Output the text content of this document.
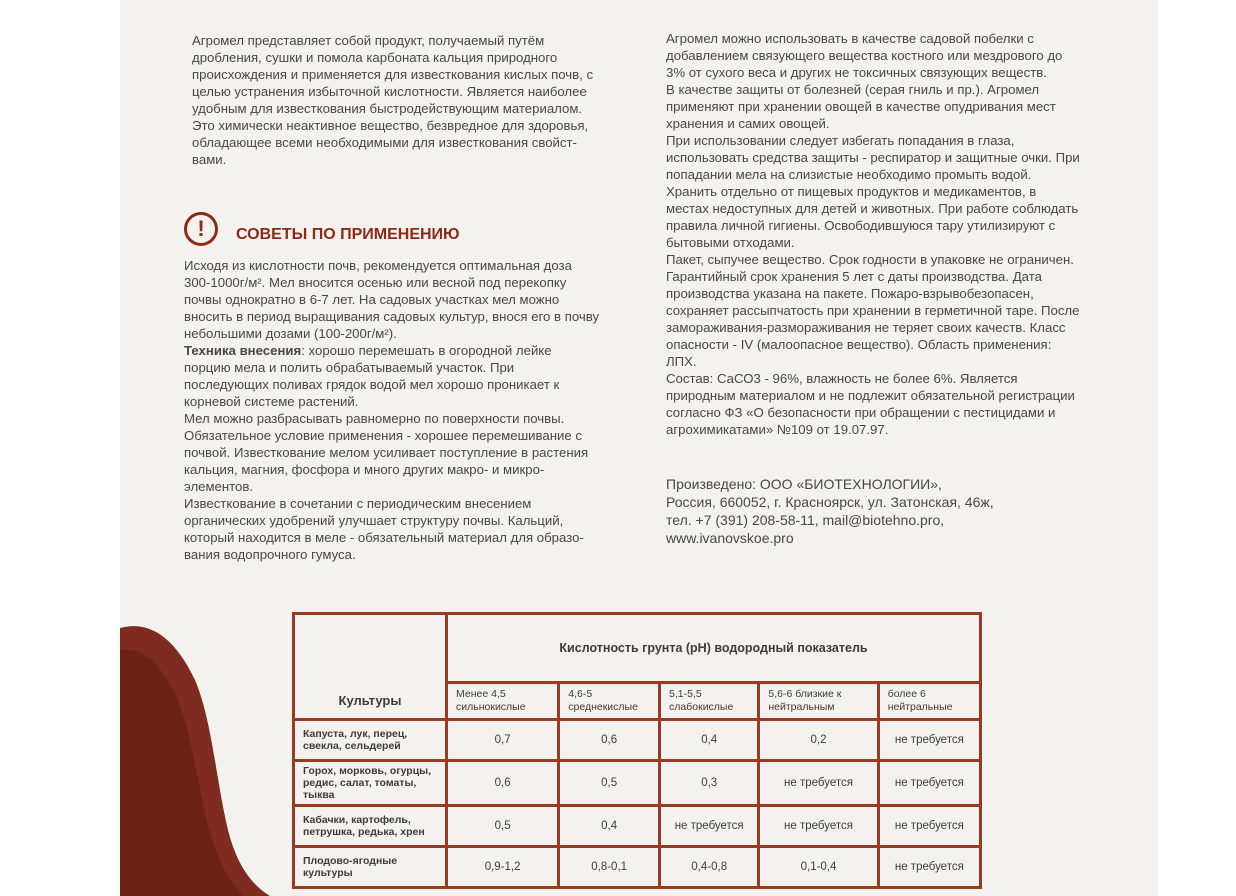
Агромел представляет собой продукт, получаемый путём

дробления, сушки и помола карбоната кальция природного

происхождения и применяется для известкования кислых почв, с

целью устранения избыточной кислотности. Является наиболее

удобным для известкования быстродействующим материалом.

Это химически неактивное вещество, безвредное для здоровья,

обладающее всеми необходимыми для известкования свойст-

вами.

!	СОВЕТЫ ПО ПРИМЕНЕНИЮ

Исходя из кислотности почв, рекомендуется оптимальная доза

300-1000г/м². Мел вносится осенью или весной под перекопку

почвы однократно в 6-7 лет. На садовых участках мел можно

вносить в период выращивания садовых культур, внося его в почву

небольшими дозами (100-200г/м²).

Техника внесения: хорошо перемешать в огородной лейке

порцию мела и полить обрабатываемый участок. При

последующих поливах грядок водой мел хорошо проникает к

корневой системе растений.

Мел можно разбрасывать равномерно по поверхности почвы.

Обязательное условие применения - хорошее перемешивание с

почвой. Известкование мелом усиливает поступление в растения

кальция, магния, фосфора и много других макро- и микро-

элементов.

Известкование в сочетании с периодическим внесением

органических удобрений улучшает структуру почвы. Кальций,

который находится в меле - обязательный материал для образо-

вания водопрочного гумуса.

Агромел можно использовать в качестве садовой побелки с

добавлением связующего вещества костного или мездрового до

3% от сухого веса и других не токсичных связующих веществ.

В качестве защиты от болезней (серая гниль и пр.). Агромел

применяют при хранении овощей в качестве опудривания мест

хранения и самих овощей.

При использовании следует избегать попадания в глаза,

использовать средства защиты - респиратор и защитные очки. При

попадании мела на слизистые необходимо промыть водой.

Хранить отдельно от пищевых продуктов и медикаментов, в

местах недоступных для детей и животных. При работе соблюдать

правила личной гигиены. Освободившуюся тару утилизируют с

бытовыми отходами.

Пакет, сыпучее вещество. Срок годности в упаковке не ограничен.

Гарантийный срок хранения 5 лет с даты производства. Дата

производства указана на пакете. Пожаро-взрывобезопасен,

сохраняет рассыпчатость при хранении в герметичной таре. После

замораживания-размораживания не теряет своих качеств. Класс

опасности - IV (малоопасное вещество). Область применения: ЛПХ.

Состав: СаСО3 - 96%, влажность не более 6%. Является

природным материалом и не подлежит обязательной регистрации

согласно ФЗ «О безопасности при обращении с пестицидами и

агрохимикатами» №109 от 19.07.97.

Произведено: ООО «БИОТЕХНОЛОГИИ»,

Россия, 660052, г. Красноярск, ул. Затонская, 46ж,

тел. +7 (391) 208-58-11, mail@biotehno.pro,

www.ivanovskoe.pro

	Кислотность грунта (pH) водородный показатель				
Культуры	Менее 4,5 сильнокислые	4,6-5 среднекислые	5,1-5,5 слабокислые	5,6-6 близкие к нейтральным	более 6 нейтральные
Капуста, лук, перец, свекла, сельдерей	0,7	0,6	0,4	0,2	не требуется
Горох, морковь, огурцы, редис, салат, томаты, тыква	0,6	0,5	0,3	не требуется	не требуется
Кабачки, картофель, петрушка, редька, хрен	0,5	0,4	не требуется	не требуется	не требуется
Плодово-ягодные культуры	0,9-1,2	0,8-0,1	0,4-0,8	0,1-0,4	не требуется
